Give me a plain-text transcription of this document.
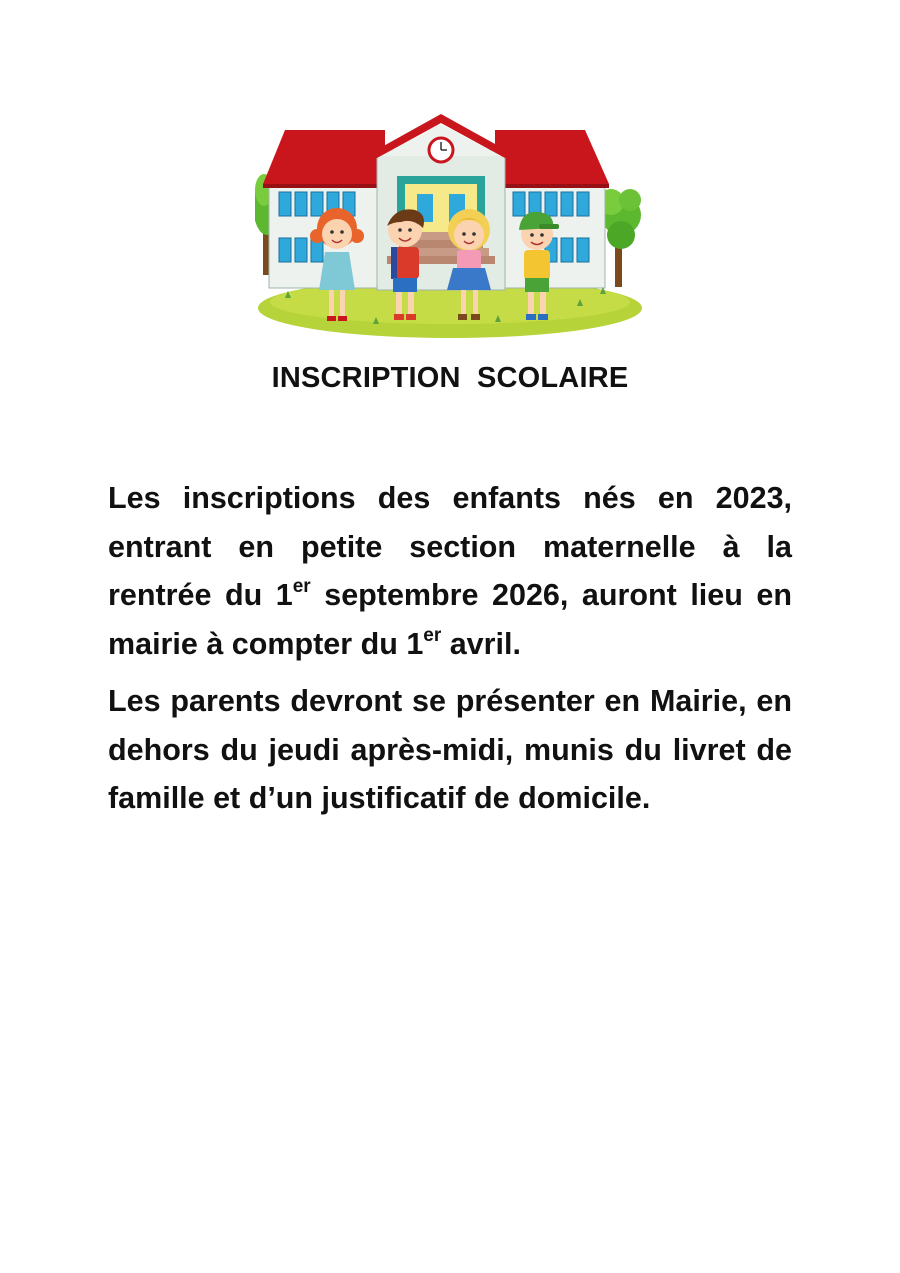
INSCRIPTION SCOLAIRE

Les inscriptions des enfants nés en 2023, entrant en petite section maternelle à la rentrée du 1er septembre 2026, auront lieu en mairie à compter du 1er avril.

Les parents devront se présenter en Mairie, en dehors du jeudi après-midi, munis du livret de famille et d’un justificatif de domicile.
